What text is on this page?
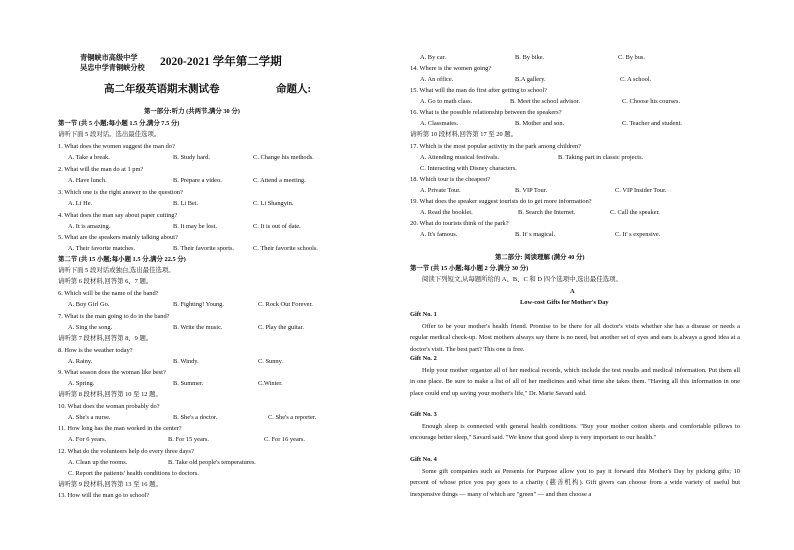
青铜峡市高级中学
吴忠中学青铜峡分校 2020-2021 学年第二学期
高二年级英语期末测试卷	命题人:
第一部分:听力 (共两节,满分 30 分)
第一节 (共 5 小题;每小题 1.5 分,满分 7.5 分)
请听下面 5 段对话。选出最佳选项。
1. What does the women suggest the man do?
A. Take a break.	B. Study hard.	C. Change his methods.
2. What will the man do at 1 pm?
A. Have lunch.	B. Prepare a video.	C. Attend a meeting.
3. Which one is the right answer to the question?
A. Li He.	B. Li Bei.	C. Li Shangyin.
4. What does the man say about paper cutting?
A. It is amazing.	B. It may be lost.	C. It is out of date.
5. What are the speakers mainly talking about?
A. Their favorite matches.	B. Their favorite sports.	C. Their favorite schools.
第二节 (共 15 小题;每小题 1.5 分,满分 22.5 分)
请听下面 5 段对话或独白,选出最佳选项。
请听第 6 段材料,回答第 6、7 题。
6. Which will be the name of the band?
A. Boy Girl Go.	B. Fighting! Young.	C. Rock Out Forever.
7. What is the man going to do in the band?
A. Sing the song.	B. Write the music.	C. Play the guitar.
请听第 7 段材料,回答第 8、9 题。
8. How is the weather today?
A. Rainy.	B. Windy.	C. Sunny.
9. What season does the woman like best?
A. Spring.	B. Summer.	C.Winter.
请听第 8 段材料,回答第 10 至 12 题。
10. What does the woman probably do?
A. She's a nurse.	B. She's a doctor.	C. She's a reporter.
11. How long has the man worked in the center?
A. For 6 years.	B. For 15 years.	C. For 16 years.
12. What do the volunteers help do every three days?
A. Clean up the rooms.	B. Take old people's temperatures.
C. Report the patients' health conditions to doctors.
请听第 9 段材料,回答第 13 至 16 题。
13. How will the man go to school?
A. By car.	B. By bike.	C. By bus.
14. Where is the women going?
A. An office.	B.A gallery.	C. A school.
15. What will the man do first after getting to school?
A. Go to math class.	B. Meet the school advisor.	C. Choose his courses.
16. What is the possible relationship between the speakers?
A. Classmates.	B. Mother and son.	C. Teacher and student.
请听第 10 段材料,回答第 17 至 20 题。
17. Which is the most popular activity in the park among children?
A. Attending musical festivals.	B. Taking part in classic projects.
C. Interacting with Disney characters.
18. Which tour is the cheapest?
A. Private Tour.	B. VIP Tour.	C. VIP Insider Tour.
19. What does the speaker suggest tourists do to get more information?
A. Read the booklet.	B. Search the Internet.	C. Call the speaker.
20. What do tourists think of the park?
A. It's famous.	B. It' s magical.	C. It' s expensive.
第二部分: 阅读理解 (满分 40 分)
第一节 (共 15 小题;每小题 2 分,满分 30 分)
阅读下列短文,从每题所给的 A、B、C 和 D 四个选项中,选出最佳选项。
A
Low-cost Gifts for Mother's Day
Gift No. 1
Offer to be your mother's health friend. Promise to be there for all doctor's visits whether she has a disease or needs a regular medical check-up. Most mothers always say there is no need, but another set of eyes and ears is always a good idea at a doctor's visit. The best part? This one is free.
Gift No. 2
Help your mother organize all of her medical records, which include the test results and medical information. Put them all in one place. Be sure to make a list of all of her medicines and what time she takes them. "Having all this information in one place could end up saving your mother's life," Dr. Marie Savard said.
Gift No. 3
Enough sleep is connected with general health conditions. "Buy your mother cotton sheets and comfortable pillows to encourage better sleep," Savard said. "We know that good sleep is very important to our health."
Gift No. 4
Some gift companies such as Presents for Purpose allow you to pay it forward this Mother's Day by picking gifts; 10 percent of whose price you pay goes to a charity (慈善机构). Gift givers can choose from a wide variety of useful but inexpensive things — many of which are "green" — and then choose a
